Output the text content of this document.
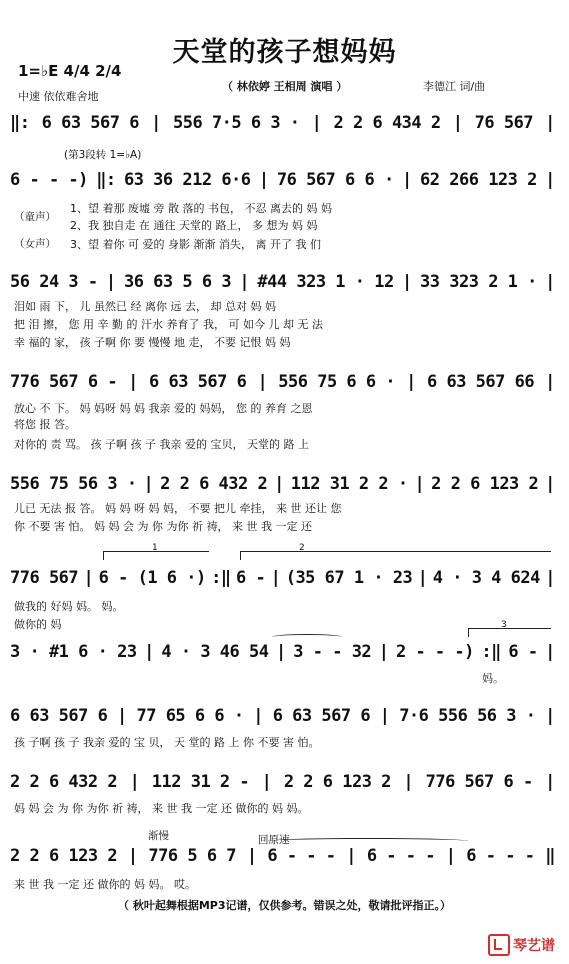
天堂的孩子想妈妈
1=♭E 4/4 2/4
中速 依依难舍地
（ 林依婷 王相周 演唱 ）	李德江 词/曲
‖: 6 63 567 6 | 556 7·5 6 3 · | 2 2 6 434 2 | 76 567 |
(第3段转 1=♭A)
6 - - -) ‖: 63 36 212 6·6 | 76 567 6 6 · | 62 266 123 2 |
（童声）
（女声）
1、望 着那 废墟 旁 散 落的 书包， 不忍 离去的 妈 妈
2、我 独自走 在 通往 天堂的 路上， 多 想为 妈 妈
3、望 着你 可 爱的 身影 渐渐 消失， 离 开了 我 们
56 24 3 - | 36 63 5 6 3 | #44 323 1 · 12 | 33 323 2 1 · |
泪如 雨 下， 儿 虽然已 经 离你 远 去， 却 总对 妈 妈
把 泪 擦， 您 用 辛 勤 的 汗水 养育了 我， 可 如今 儿 却 无 法
幸 福的 家， 孩 子啊 你 要 慢慢 地 走， 不要 记恨 妈 妈
776 567 6 - | 6 63 567 6 | 556 75 6 6 · | 6 63 567 66 |
放心 不 下。 妈 妈呀 妈 妈 我亲 爱的 妈妈， 您 的 养育 之恩
将您 报 答。
对你的 责 骂。 孩 子啊 孩 子 我亲 爱的 宝贝， 天堂的 路 上
556 75 56 3 · | 2 2 6 432 2 | 112 31 2 2 · | 2 2 6 123 2 |
儿已 无法 报 答。 妈 妈 呀 妈 妈， 不要 把儿 牵挂， 来 世 还让 您
你 不要 害 怕。 妈 妈 会 为 你 为你 祈 祷， 来 世 我 一定 还
1	2
776 567 | 6 - (1 6 ·) :‖ 6 - | (35 67 1 · 23 | 4 · 3 4 624 |
做我的 好妈 妈。 妈。
做你的 妈	3
3 · #1 6 · 23 | 4 · 3 46 54 | 3 - - 32 | 2 - - -) :‖ 6 - |
妈。
6 63 567 6 | 77 65 6 6 · | 6 63 567 6 | 7·6 556 56 3 · |
孩 子啊 孩 子 我亲 爱的 宝 贝， 天 堂的 路 上 你 不要 害 怕。
2 2 6 432 2 | 112 31 2 - | 2 2 6 123 2 | 776 567 6 - |
妈 妈 会 为 你 为你 祈 祷， 来 世 我 一定 还 做你的 妈 妈。
渐慢	回原速
2 2 6 123 2 | 776 5 6 7 | 6 - - - | 6 - - - | 6 - - - ‖
来 世 我 一定 还 做你的 妈 妈。 哎。
（ 秋叶起舞根据MP3记谱，仅供参考。错误之处，敬请批评指正。）
琴艺谱
